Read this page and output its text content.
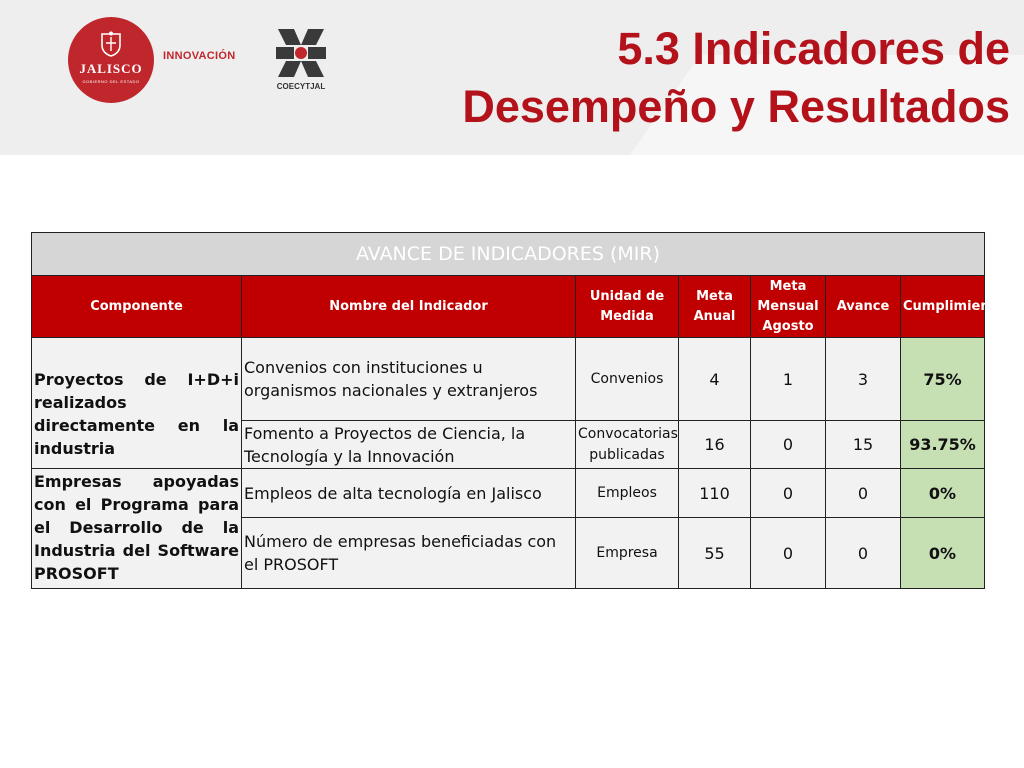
JALISCO
GOBIERNO DEL ESTADO
INNOVACIÓN
COECYTJAL
5.3 Indicadores de Desempeño y Resultados
AVANCE DE INDICADORES (MIR)						
Componente	Nombre del Indicador	Unidad de Medida	Meta Anual	Meta Mensual Agosto	Avance	Cumplimiento
Proyectos de I+D+i realizados directamente en la industria	Convenios con instituciones u organismos nacionales y extranjeros	Convenios	4	1	3	75%
	Fomento a Proyectos de Ciencia, la Tecnología y la Innovación	Convocatorias publicadas	16	0	15	93.75%
Empresas apoyadas con el Programa para el Desarrollo de la Industria del Software PROSOFT	Empleos de alta tecnología en Jalisco	Empleos	110	0	0	0%
	Número de empresas beneficiadas con el PROSOFT	Empresa	55	0	0	0%
